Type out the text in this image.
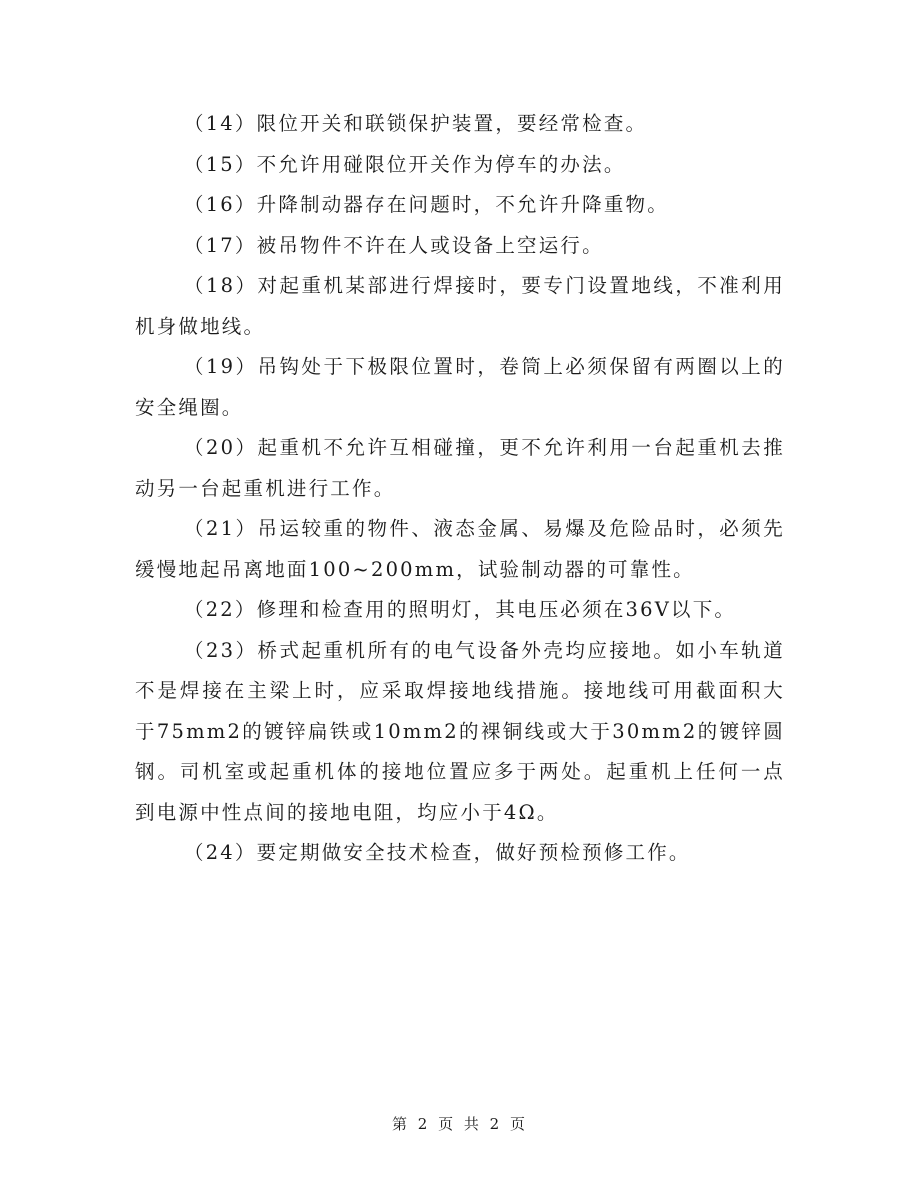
（14）限位开关和联锁保护装置，要经常检查。

（15）不允许用碰限位开关作为停车的办法。

（16）升降制动器存在问题时，不允许升降重物。

（17）被吊物件不许在人或设备上空运行。

（18）对起重机某部进行焊接时，要专门设置地线，不准利用机身做地线。

（19）吊钩处于下极限位置时，卷筒上必须保留有两圈以上的安全绳圈。

（20）起重机不允许互相碰撞，更不允许利用一台起重机去推动另一台起重机进行工作。

（21）吊运较重的物件、液态金属、易爆及危险品时，必须先缓慢地起吊离地面100~200mm，试验制动器的可靠性。

（22）修理和检查用的照明灯，其电压必须在36V以下。

（23）桥式起重机所有的电气设备外壳均应接地。如小车轨道不是焊接在主梁上时，应采取焊接地线措施。接地线可用截面积大于75mm2的镀锌扁铁或10mm2的裸铜线或大于30mm2的镀锌圆钢。司机室或起重机体的接地位置应多于两处。起重机上任何一点到电源中性点间的接地电阻，均应小于4Ω。

（24）要定期做安全技术检查，做好预检预修工作。

第 2 页 共 2 页
